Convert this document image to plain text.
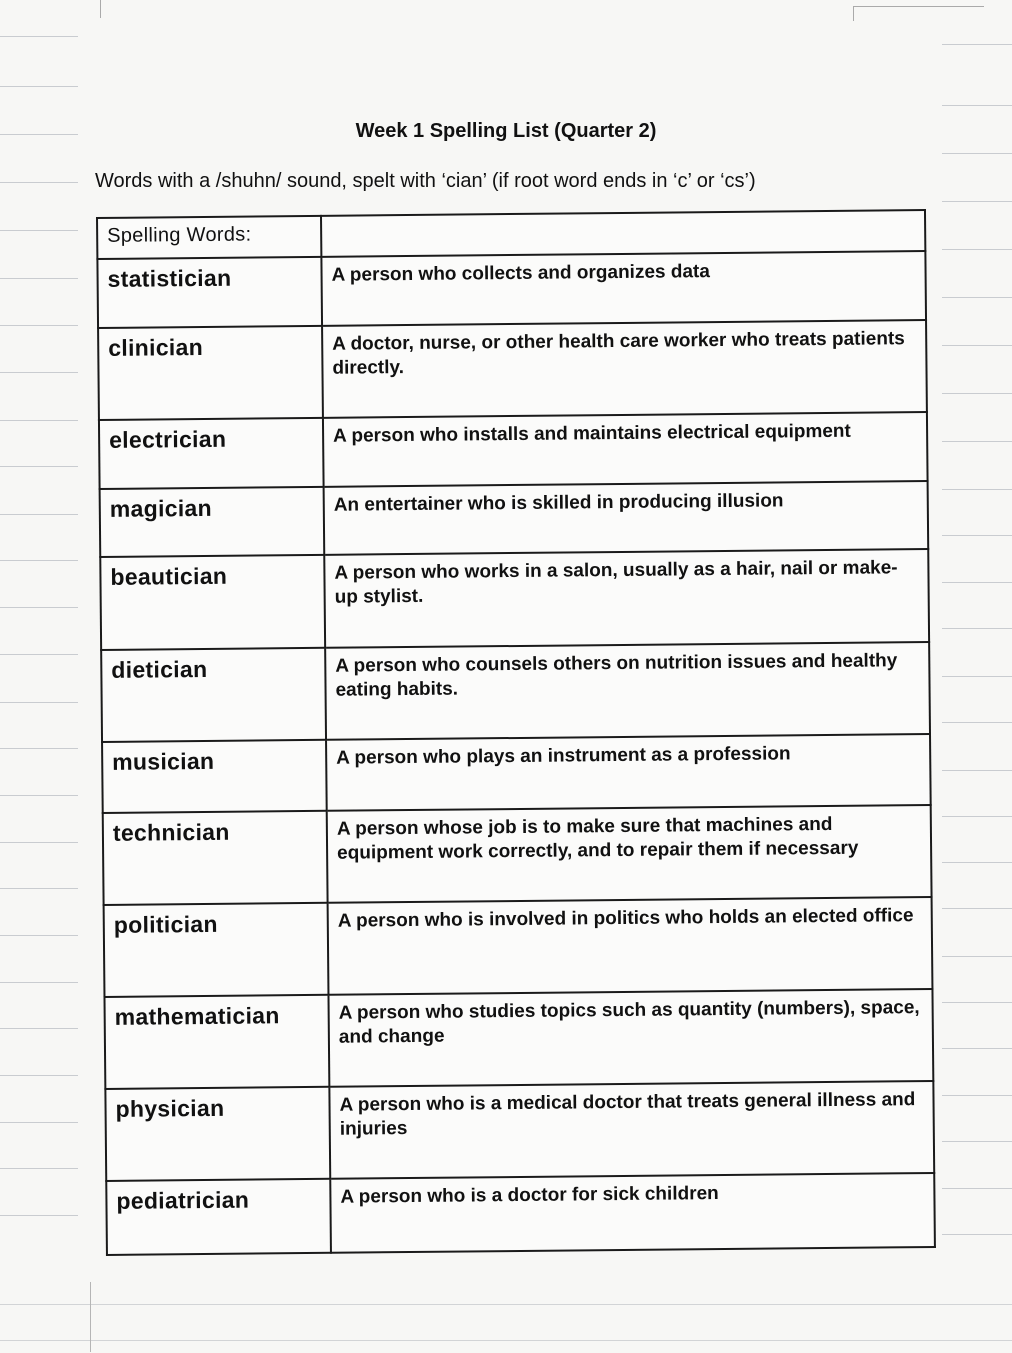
Week 1 Spelling List (Quarter 2)
Words with a /shuhn/ sound, spelt with ‘cian’ (if root word ends in ‘c’ or ‘cs’)
Spelling Words:	
statistician	A person who collects and organizes data
clinician	A doctor, nurse, or other health care worker who treats patients directly.
electrician	A person who installs and maintains electrical equipment
magician	An entertainer who is skilled in producing illusion
beautician	A person who works in a salon, usually as a hair, nail or make-up stylist.
dietician	A person who counsels others on nutrition issues and healthy eating habits.
musician	A person who plays an instrument as a profession
technician	A person whose job is to make sure that machines and equipment work correctly, and to repair them if necessary
politician	A person who is involved in politics who holds an elected office
mathematician	A person who studies topics such as quantity (numbers), space, and change
physician	A person who is a medical doctor that treats general illness and injuries
pediatrician	A person who is a doctor for sick children
